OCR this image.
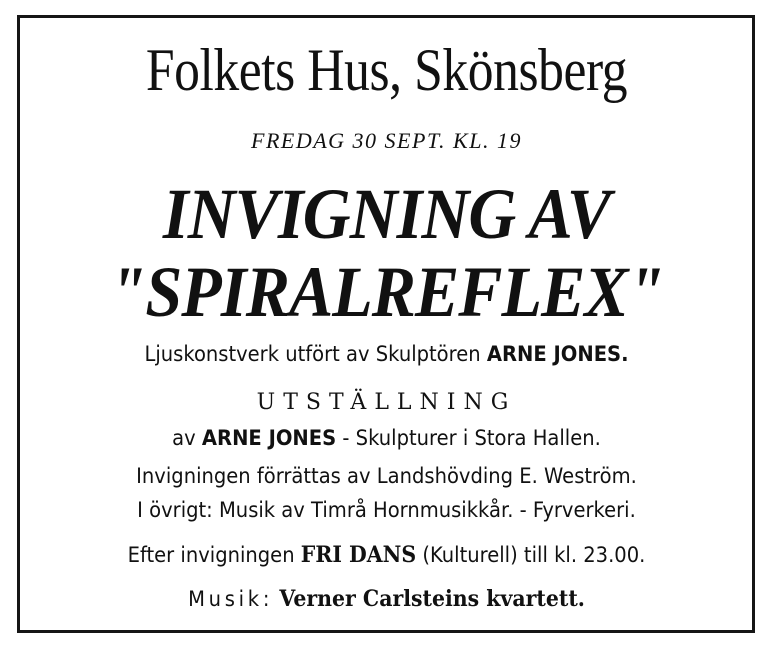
Folkets Hus, Skönsberg
FREDAG 30 SEPT. KL. 19
INVIGNING AV
"SPIRALREFLEX"
Ljuskonstverk utfört av Skulptören ARNE JONES.
UTSTÄLLNING
av ARNE JONES - Skulpturer i Stora Hallen.
Invigningen förrättas av Landshövding E. Weström.
I övrigt: Musik av Timrå Hornmusikkår. - Fyrverkeri.
Efter invigningen FRI DANS (Kulturell) till kl. 23.00.
Musik: Verner Carlsteins kvartett.
